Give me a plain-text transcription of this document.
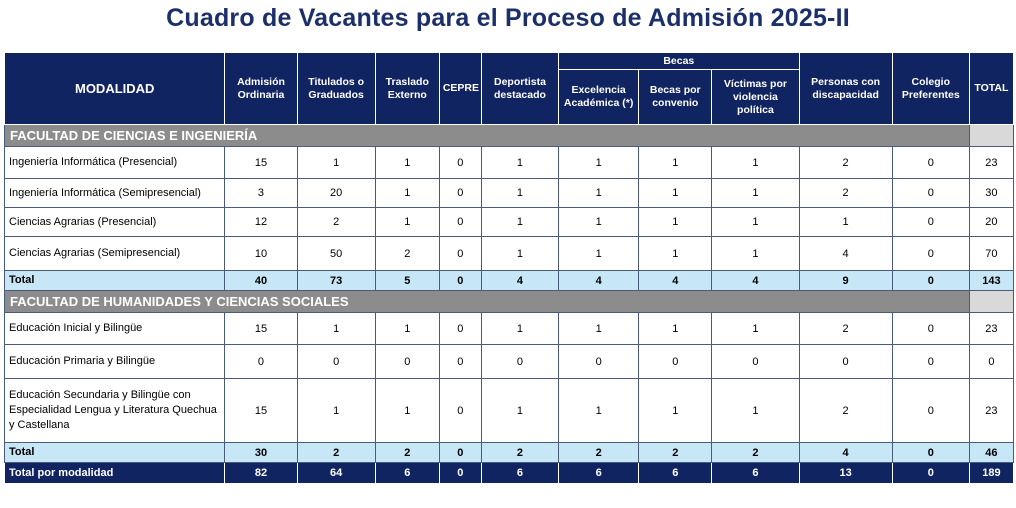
Cuadro de Vacantes para el Proceso de Admisión 2025-II
MODALIDAD	Admisión Ordinaria	Titulados o Graduados	Traslado Externo	CEPRE	Deportista destacado	Becas			Personas con discapacidad	Colegio Preferentes	TOTAL
						Excelencia Académica (*)	Becas por convenio	Víctimas por violencia política			
FACULTAD DE CIENCIAS E INGENIERÍA											
Ingeniería Informática (Presencial)	15	1	1	0	1	1	1	1	2	0	23
Ingeniería Informática (Semipresencial)	3	20	1	0	1	1	1	1	2	0	30
Ciencias Agrarias (Presencial)	12	2	1	0	1	1	1	1	1	0	20
Ciencias Agrarias (Semipresencial)	10	50	2	0	1	1	1	1	4	0	70
Total	40	73	5	0	4	4	4	4	9	0	143
FACULTAD DE HUMANIDADES Y CIENCIAS SOCIALES											
Educación Inicial y Bilingüe	15	1	1	0	1	1	1	1	2	0	23
Educación Primaria y Bilingüe	0	0	0	0	0	0	0	0	0	0	0
Educación Secundaria y Bilingüe con Especialidad Lengua y Literatura Quechua y Castellana	15	1	1	0	1	1	1	1	2	0	23
Total	30	2	2	0	2	2	2	2	4	0	46
Total por modalidad	82	64	6	0	6	6	6	6	13	0	189
